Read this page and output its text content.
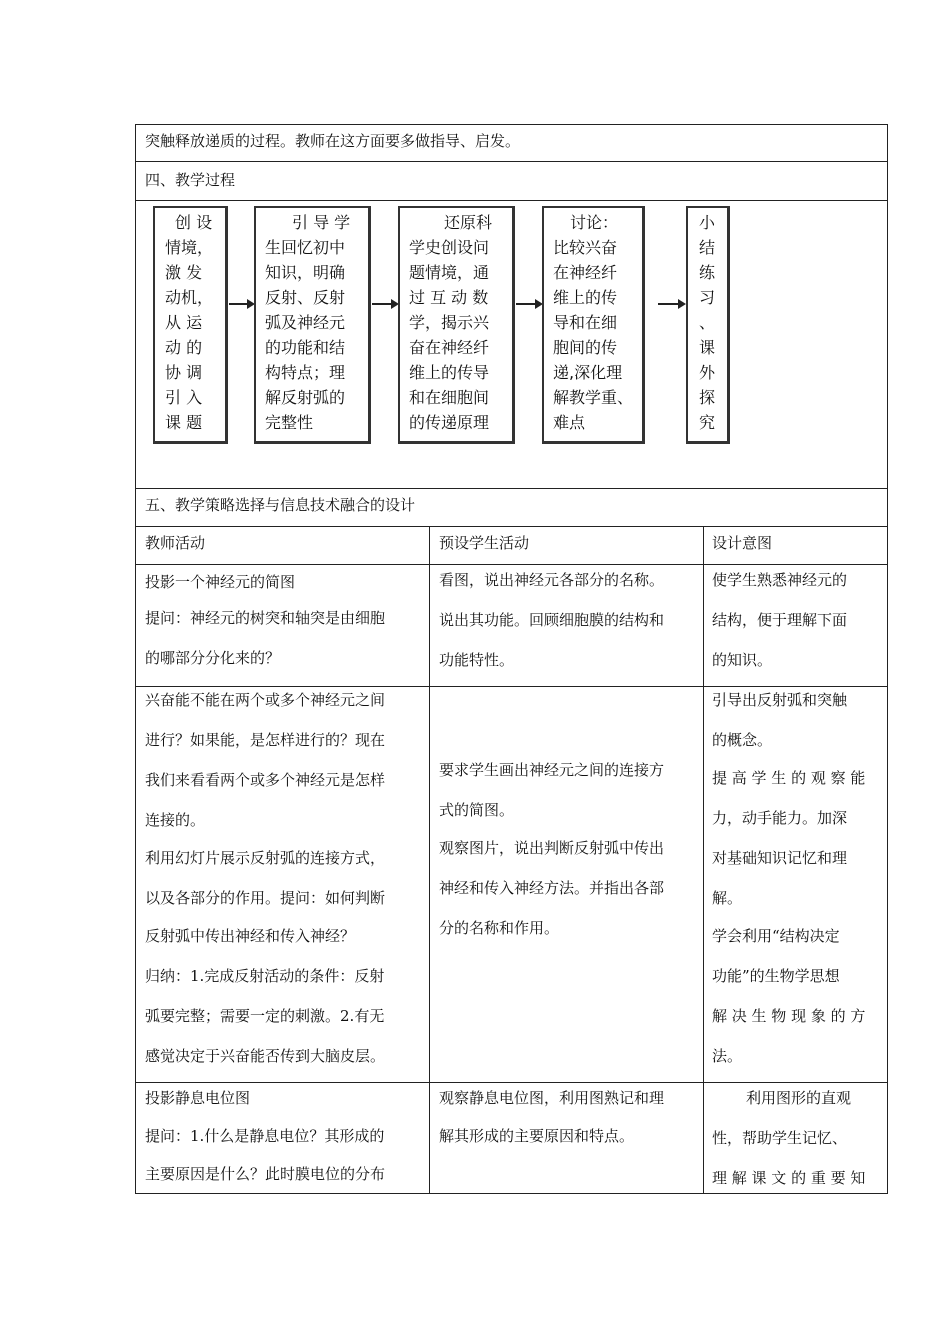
突触释放递质的过程。教师在这方面要多做指导、启发。
四、教学过程
创 设
情境，
激 发
动机，
从 运
动 的
协 调
引 入
课 题
引 导 学
生回忆初中
知识，明确
反射、反射
弧及神经元
的功能和结
构特点；理
解反射弧的
完整性
还原科
学史创设问
题情境，通
过 互 动 数
学，揭示兴
奋在神经纤
维上的传导
和在细胞间
的传递原理
讨论：
比较兴奋
在神经纤
维上的传
导和在细
胞间的传
递,深化理
解教学重、
难点
小
结
练
习
、
课
外
探
究
五、教学策略选择与信息技术融合的设计
教师活动	预设学生活动	设计意图
投影一个神经元的简图
提问：神经元的树突和轴突是由细胞
的哪部分分化来的？
看图，说出神经元各部分的名称。
说出其功能。回顾细胞膜的结构和
功能特性。
使学生熟悉神经元的
结构，便于理解下面
的知识。
兴奋能不能在两个或多个神经元之间
进行？如果能，是怎样进行的？现在
我们来看看两个或多个神经元是怎样
连接的。
利用幻灯片展示反射弧的连接方式，
以及各部分的作用。提问：如何判断
反射弧中传出神经和传入神经？
归纳：1.完成反射活动的条件：反射
弧要完整；需要一定的刺激。2.有无
感觉决定于兴奋能否传到大脑皮层。
要求学生画出神经元之间的连接方
式的简图。
观察图片，说出判断反射弧中传出
神经和传入神经方法。并指出各部
分的名称和作用。
引导出反射弧和突触
的概念。
提 高 学 生 的 观 察 能
力，动手能力。加深
对基础知识记忆和理
解。
学会利用“结构决定
功能”的生物学思想
解 决 生 物 现 象 的 方
法。
投影静息电位图
提问：1.什么是静息电位？其形成的
主要原因是什么？此时膜电位的分布
观察静息电位图，利用图熟记和理
解其形成的主要原因和特点。
利用图形的直观
性，帮助学生记忆、
理 解 课 文 的 重 要 知
